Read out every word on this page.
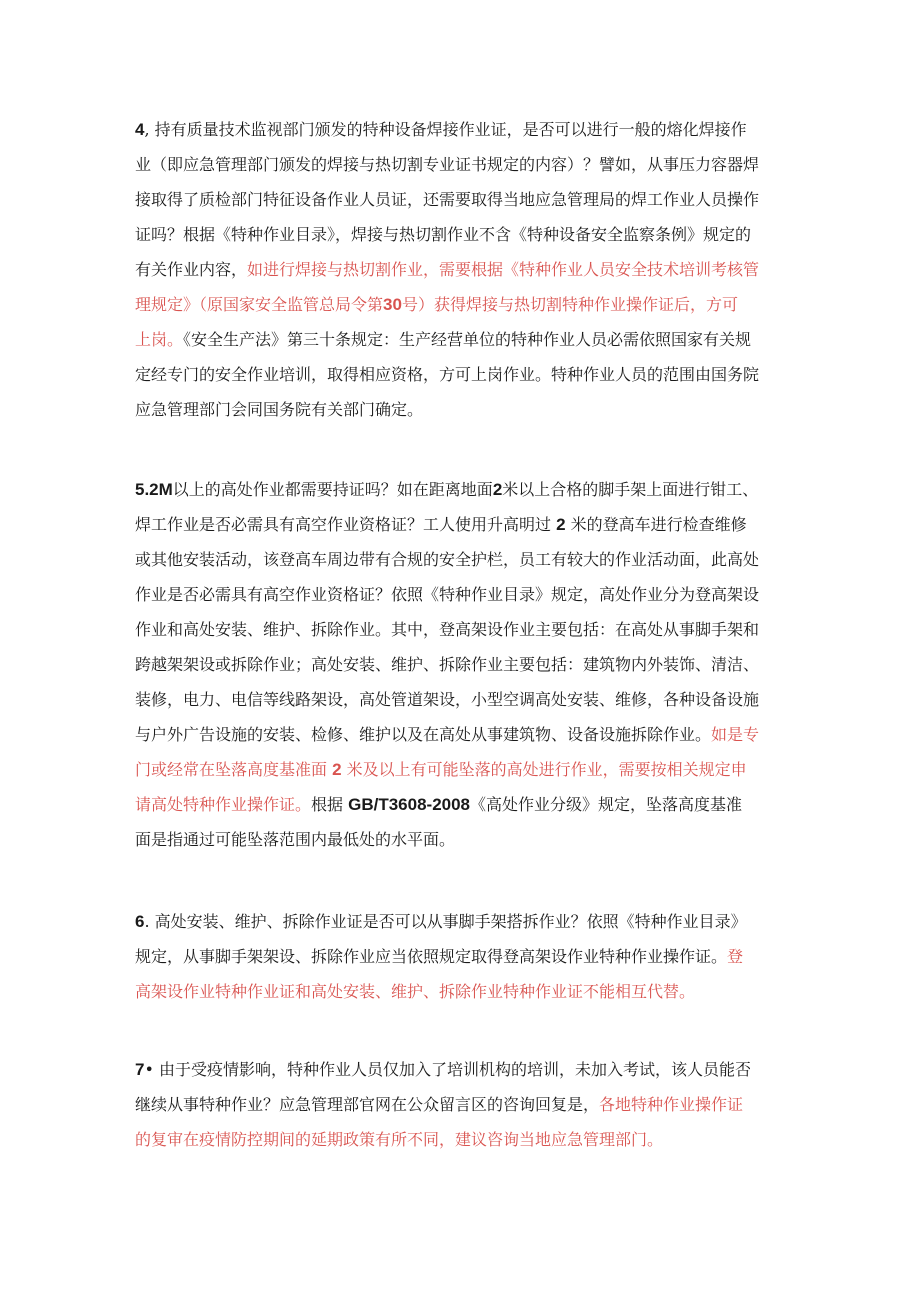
4, 持有质量技术监视部门颁发的特种设备焊接作业证，是否可以进行一般的熔化焊接作
业（即应急管理部门颁发的焊接与热切割专业证书规定的内容）？譬如，从事压力容器焊
接取得了质检部门特征设备作业人员证，还需要取得当地应急管理局的焊工作业人员操作
证吗？根据《特种作业目录》，焊接与热切割作业不含《特种设备安全监察条例》规定的
有关作业内容，如进行焊接与热切割作业，需要根据《特种作业人员安全技术培训考核管
理规定》（原国家安全监管总局令第30号）获得焊接与热切割特种作业操作证后，方可
上岗。《安全生产法》第三十条规定：生产经营单位的特种作业人员必需依照国家有关规
定经专门的安全作业培训，取得相应资格，方可上岗作业。特种作业人员的范围由国务院
应急管理部门会同国务院有关部门确定。
5.2M以上的高处作业都需要持证吗？如在距离地面2米以上合格的脚手架上面进行钳工、
焊工作业是否必需具有高空作业资格证？工人使用升高明过 2 米的登高车进行检查维修
或其他安装活动，该登高车周边带有合规的安全护栏，员工有较大的作业活动面，此高处
作业是否必需具有高空作业资格证？依照《特种作业目录》规定，高处作业分为登高架设
作业和高处安装、维护、拆除作业。其中，登高架设作业主要包括：在高处从事脚手架和
跨越架架设或拆除作业；高处安装、维护、拆除作业主要包括：建筑物内外装饰、清洁、
装修，电力、电信等线路架设，高处管道架设，小型空调高处安装、维修，各种设备设施
与户外广告设施的安装、检修、维护以及在高处从事建筑物、设备设施拆除作业。如是专
门或经常在坠落高度基准面 2 米及以上有可能坠落的高处进行作业，需要按相关规定申
请高处特种作业操作证。根据 GB/T3608-2008《高处作业分级》规定，坠落高度基准
面是指通过可能坠落范围内最低处的水平面。
6. 高处安装、维护、拆除作业证是否可以从事脚手架搭拆作业？依照《特种作业目录》
规定，从事脚手架架设、拆除作业应当依照规定取得登高架设作业特种作业操作证。登
高架设作业特种作业证和高处安装、维护、拆除作业特种作业证不能相互代替。
7• 由于受疫情影响，特种作业人员仅加入了培训机构的培训，未加入考试，该人员能否
继续从事特种作业？应急管理部官网在公众留言区的咨询回复是，各地特种作业操作证
的复审在疫情防控期间的延期政策有所不同，建议咨询当地应急管理部门。
